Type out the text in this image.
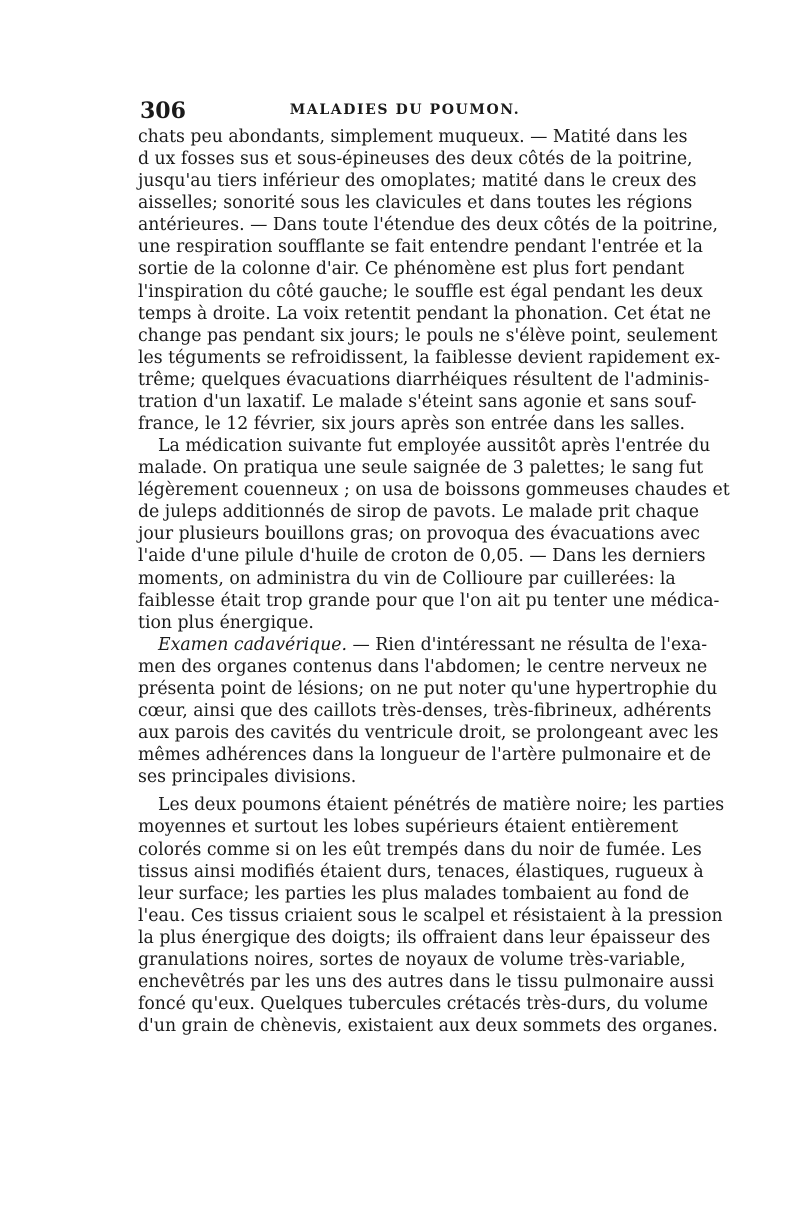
306	MALADIES DU POUMON.
chats peu abondants, simplement muqueux. — Matité dans les
d ux fosses sus et sous-épineuses des deux côtés de la poitrine,
jusqu'au tiers inférieur des omoplates; matité dans le creux des
aisselles; sonorité sous les clavicules et dans toutes les régions
antérieures. — Dans toute l'étendue des deux côtés de la poitrine,
une respiration soufflante se fait entendre pendant l'entrée et la
sortie de la colonne d'air. Ce phénomène est plus fort pendant
l'inspiration du côté gauche; le souffle est égal pendant les deux
temps à droite. La voix retentit pendant la phonation. Cet état ne
change pas pendant six jours; le pouls ne s'élève point, seulement
les téguments se refroidissent, la faiblesse devient rapidement ex-
trême; quelques évacuations diarrhéiques résultent de l'adminis-
tration d'un laxatif. Le malade s'éteint sans agonie et sans souf-
france, le 12 février, six jours après son entrée dans les salles.
La médication suivante fut employée aussitôt après l'entrée du
malade. On pratiqua une seule saignée de 3 palettes; le sang fut
légèrement couenneux ; on usa de boissons gommeuses chaudes et
de juleps additionnés de sirop de pavots. Le malade prit chaque
jour plusieurs bouillons gras; on provoqua des évacuations avec
l'aide d'une pilule d'huile de croton de 0,05. — Dans les derniers
moments, on administra du vin de Collioure par cuillerées: la
faiblesse était trop grande pour que l'on ait pu tenter une médica-
tion plus énergique.
Examen cadavérique. — Rien d'intéressant ne résulta de l'exa-
men des organes contenus dans l'abdomen; le centre nerveux ne
présenta point de lésions; on ne put noter qu'une hypertrophie du
cœur, ainsi que des caillots très-denses, très-fibrineux, adhérents
aux parois des cavités du ventricule droit, se prolongeant avec les
mêmes adhérences dans la longueur de l'artère pulmonaire et de
ses principales divisions.
Les deux poumons étaient pénétrés de matière noire; les parties
moyennes et surtout les lobes supérieurs étaient entièrement
colorés comme si on les eût trempés dans du noir de fumée. Les
tissus ainsi modifiés étaient durs, tenaces, élastiques, rugueux à
leur surface; les parties les plus malades tombaient au fond de
l'eau. Ces tissus criaient sous le scalpel et résistaient à la pression
la plus énergique des doigts; ils offraient dans leur épaisseur des
granulations noires, sortes de noyaux de volume très-variable,
enchevêtrés par les uns des autres dans le tissu pulmonaire aussi
foncé qu'eux. Quelques tubercules crétacés très-durs, du volume
d'un grain de chènevis, existaient aux deux sommets des organes.
